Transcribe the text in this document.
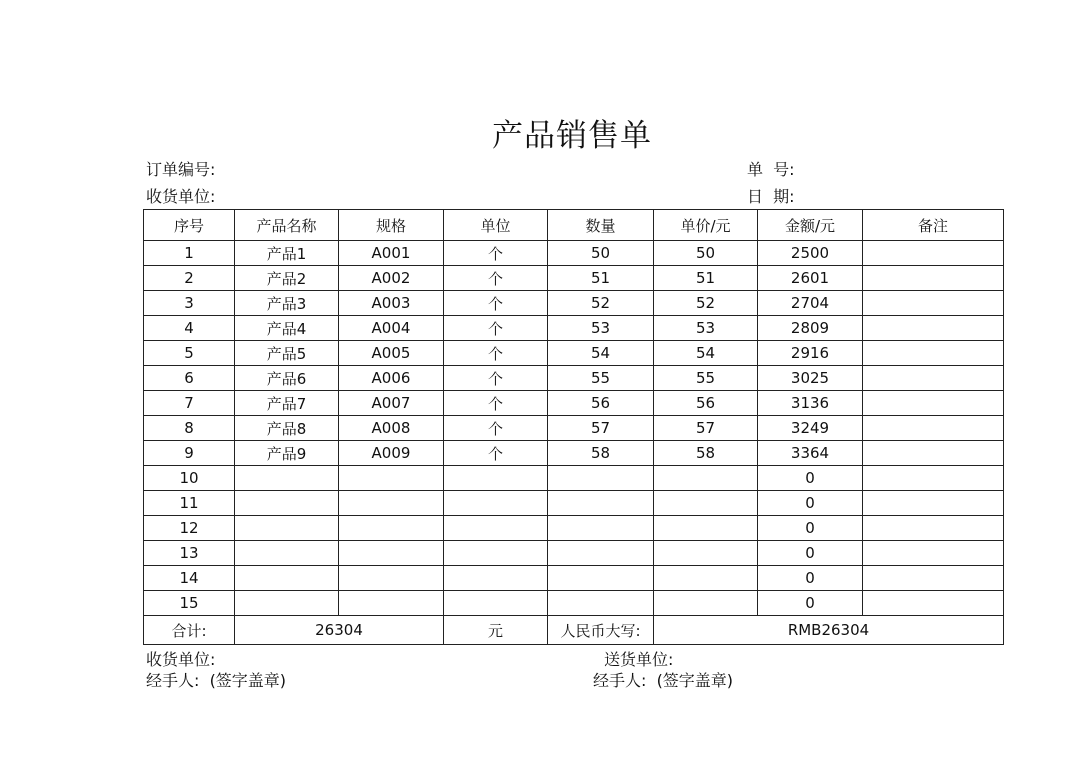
产品销售单
订单编号:
收货单位:
单  号:
日  期:
序号	产品名称	规格	单位	数量	单价/元	金额/元	备注
1	产品1	A001	个	50	50	2500	
2	产品2	A002	个	51	51	2601	
3	产品3	A003	个	52	52	2704	
4	产品4	A004	个	53	53	2809	
5	产品5	A005	个	54	54	2916	
6	产品6	A006	个	55	55	3025	
7	产品7	A007	个	56	56	3136	
8	产品8	A008	个	57	57	3249	
9	产品9	A009	个	58	58	3364	
10						0	
11						0	
12						0	
13						0	
14						0	
15						0	
合计:	26304		元	人民币大写:	RMB26304		
收货单位:
经手人:  (签字盖章)
送货单位:
经手人:  (签字盖章)
